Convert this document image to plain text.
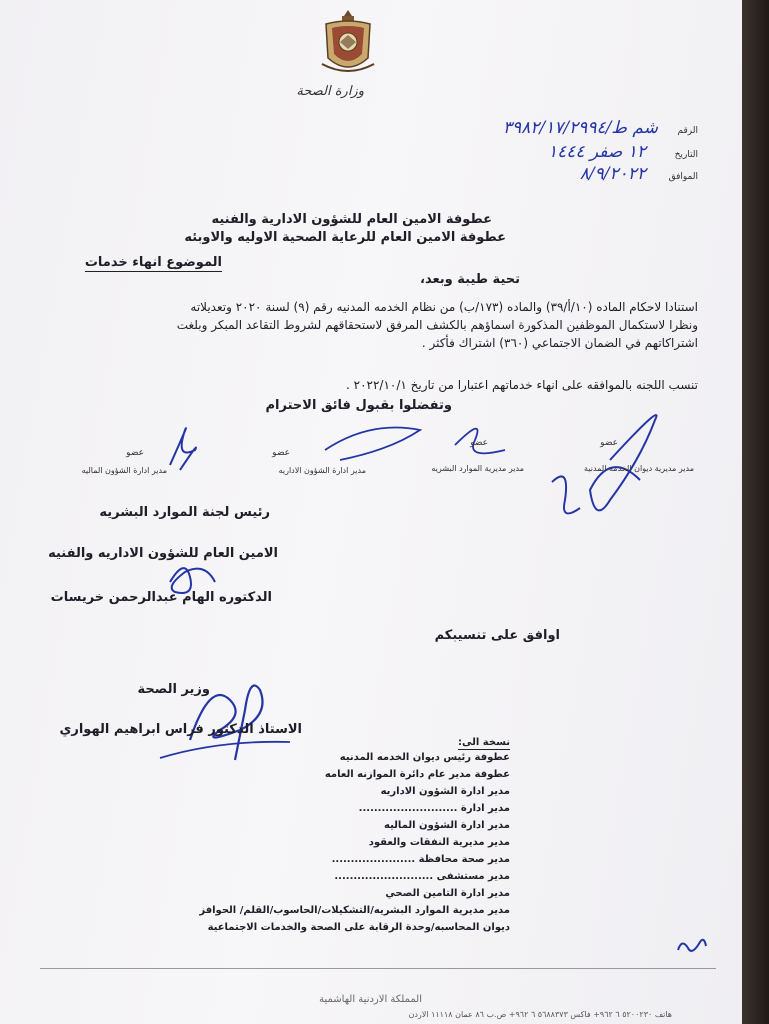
وزارة الصحة
الرقم
شم ط/٣٩٨٢/١٧/٢٩٩٤
التاريخ
١٢ صفر ١٤٤٤
الموافق
٨/٩/٢٠٢٢
عطوفة الامين العام للشؤون الادارية والفنيه
عطوفة الامين العام للرعاية الصحية الاوليه والاوبئه
الموضوع انهاء خدمات
تحية طيبة وبعد،
استنادا لاحكام الماده (١٠/أ/٣٩) والماده (١٧٣/ب) من نظام الخدمه المدنيه رقم (٩) لسنة ٢٠٢٠ وتعديلاته
ونظرا لاستكمال الموظفين المذكورة اسماؤهم بالكشف المرفق لاستحقاقهم لشروط التقاعد المبكر وبلغت
اشتراكاتهم في الضمان الاجتماعي (٣٦٠) اشتراك فأكثر .
تنسب اللجنه بالموافقه على انهاء خدماتهم اعتبارا من تاريخ ٢٠٢٢/١٠/١ .
وتفضلوا بقبول فائق الاحترام
عضو
مدير ادارة الشؤون الماليه
عضو
مدير ادارة الشؤون الاداريه
عضو
مدير مديرية الموارد البشريه
عضو
مدير مديرية ديوان الخدمة المدنية
رئيس لجنة الموارد البشريه
الامين العام للشؤون الاداريه والفنيه
الدكتوره الهام عبدالرحمن خريسات
اوافق على تنسيبكم
وزير الصحة
الاستاذ الدكتور فراس ابراهيم الهواري
نسخة الى:
عطوفة رئيس ديوان الخدمه المدنيه
عطوفة مدير عام دائرة الموازنه العامه
مدير ادارة الشؤون الاداريه
مدير ادارة ..........................
مدير ادارة الشؤون الماليه
مدير مديرية النفقات والعقود
مدير صحة محافظة ......................
مدير مستشفى ..........................
مدير ادارة التامين الصحي
مدير مديرية الموارد البشريه/التشكيلات/الحاسوب/القلم/ الحوافز
ديوان المحاسبه/وحدة الرقابة على الصحة والخدمات الاجتماعية
المملكة الاردنية الهاشمية
هاتف ٥٢٠٠٢٣٠ ٦ ٩٦٢+ فاكس ٥٦٨٨٣٧٣ ٦ ٩٦٢+ ص.ب ٨٦ عمان ١١١١٨ الاردن
